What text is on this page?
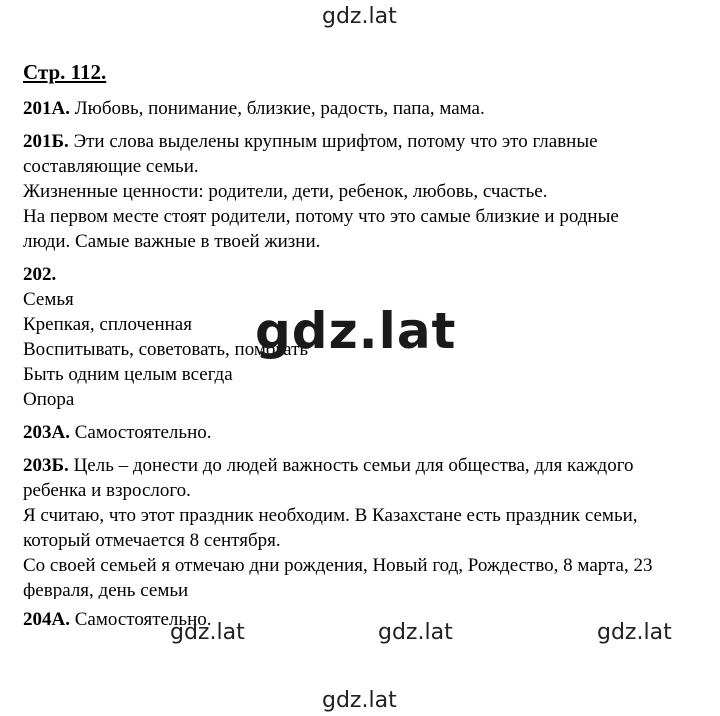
gdz.lat
Стр. 112.
201А. Любовь, понимание, близкие, радость, папа, мама.
201Б. Эти слова выделены крупным шрифтом, потому что это главные
составляющие семьи.
Жизненные ценности: родители, дети, ребенок, любовь, счастье.
На первом месте стоят родители, потому что это самые близкие и родные
люди. Самые важные в твоей жизни.
202.
Семья
Крепкая, сплоченная
Воспитывать, советовать, помогать
Быть одним целым всегда
Опора
203А. Самостоятельно.
203Б. Цель – донести до людей важность семьи для общества, для каждого
ребенка и взрослого.
Я считаю, что этот праздник необходим. В Казахстане есть праздник семьи,
который отмечается 8 сентября.
Со своей семьей я отмечаю дни рождения, Новый год, Рождество, 8 марта, 23
февраля, день семьи
204А. Самостоятельно.
gdz.lat
gdz.lat	gdz.lat	gdz.lat
gdz.lat
